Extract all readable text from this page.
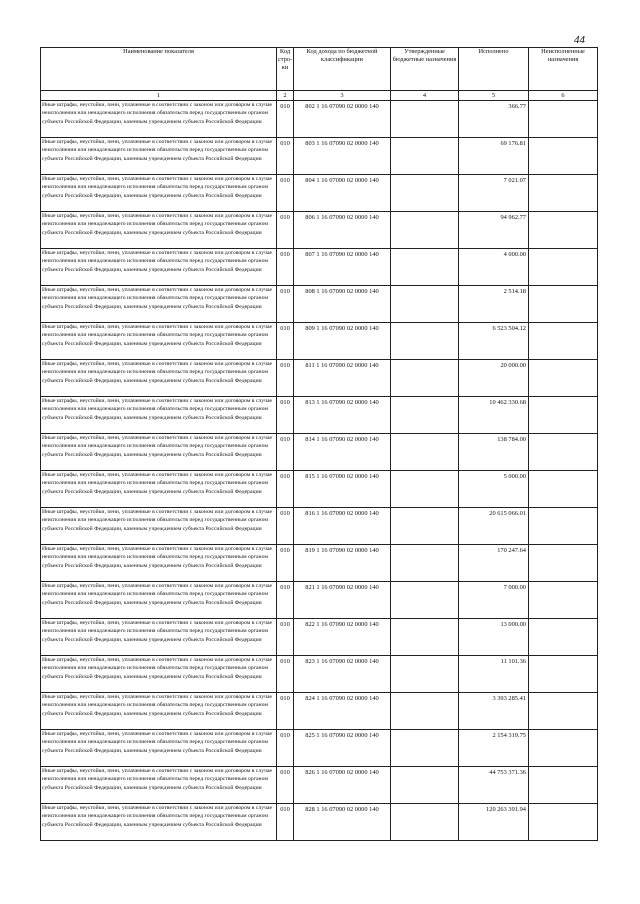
44
Наименование показателя	Код стро- ки	Код дохода по бюджетной классификации	Утвержденные бюджетные назначения	Исполнено	Неисполненные назначения
1	2	3	4	5	6
Иные штрафы, неустойки, пени, уплаченные в соответствии с законом или договором в случае неисполнения или ненадлежащего исполнения обязательств перед государственным органом субъекта Российской Федерации, казенным учреждением субъекта Российской Федерации	010	802 1 16 07090 02 0000 140		366.77	
Иные штрафы, неустойки, пени, уплаченные в соответствии с законом или договором в случае неисполнения или ненадлежащего исполнения обязательств перед государственным органом субъекта Российской Федерации, казенным учреждением субъекта Российской Федерации	010	803 1 16 07090 02 0000 140		69 176.81	
Иные штрафы, неустойки, пени, уплаченные в соответствии с законом или договором в случае неисполнения или ненадлежащего исполнения обязательств перед государственным органом субъекта Российской Федерации, казенным учреждением субъекта Российской Федерации	010	804 1 16 07090 02 0000 140		7 021.07	
Иные штрафы, неустойки, пени, уплаченные в соответствии с законом или договором в случае неисполнения или ненадлежащего исполнения обязательств перед государственным органом субъекта Российской Федерации, казенным учреждением субъекта Российской Федерации	010	806 1 16 07090 02 0000 140		94 962.77	
Иные штрафы, неустойки, пени, уплаченные в соответствии с законом или договором в случае неисполнения или ненадлежащего исполнения обязательств перед государственным органом субъекта Российской Федерации, казенным учреждением субъекта Российской Федерации	010	807 1 16 07090 02 0000 140		4 000.00	
Иные штрафы, неустойки, пени, уплаченные в соответствии с законом или договором в случае неисполнения или ненадлежащего исполнения обязательств перед государственным органом субъекта Российской Федерации, казенным учреждением субъекта Российской Федерации	010	808 1 16 07090 02 0000 140		2 514.18	
Иные штрафы, неустойки, пени, уплаченные в соответствии с законом или договором в случае неисполнения или ненадлежащего исполнения обязательств перед государственным органом субъекта Российской Федерации, казенным учреждением субъекта Российской Федерации	010	809 1 16 07090 02 0000 140		6 523 504.12	
Иные штрафы, неустойки, пени, уплаченные в соответствии с законом или договором в случае неисполнения или ненадлежащего исполнения обязательств перед государственным органом субъекта Российской Федерации, казенным учреждением субъекта Российской Федерации	010	811 1 16 07090 02 0000 140		20 000.00	
Иные штрафы, неустойки, пени, уплаченные в соответствии с законом или договором в случае неисполнения или ненадлежащего исполнения обязательств перед государственным органом субъекта Российской Федерации, казенным учреждением субъекта Российской Федерации	010	813 1 16 07090 02 0000 140		10 462 330.68	
Иные штрафы, неустойки, пени, уплаченные в соответствии с законом или договором в случае неисполнения или ненадлежащего исполнения обязательств перед государственным органом субъекта Российской Федерации, казенным учреждением субъекта Российской Федерации	010	814 1 16 07090 02 0000 140		138 784.00	
Иные штрафы, неустойки, пени, уплаченные в соответствии с законом или договором в случае неисполнения или ненадлежащего исполнения обязательств перед государственным органом субъекта Российской Федерации, казенным учреждением субъекта Российской Федерации	010	815 1 16 07090 02 0000 140		5 000.00	
Иные штрафы, неустойки, пени, уплаченные в соответствии с законом или договором в случае неисполнения или ненадлежащего исполнения обязательств перед государственным органом субъекта Российской Федерации, казенным учреждением субъекта Российской Федерации	010	816 1 16 07090 02 0000 140		20 615 066.01	
Иные штрафы, неустойки, пени, уплаченные в соответствии с законом или договором в случае неисполнения или ненадлежащего исполнения обязательств перед государственным органом субъекта Российской Федерации, казенным учреждением субъекта Российской Федерации	010	819 1 16 07090 02 0000 140		170 247.64	
Иные штрафы, неустойки, пени, уплаченные в соответствии с законом или договором в случае неисполнения или ненадлежащего исполнения обязательств перед государственным органом субъекта Российской Федерации, казенным учреждением субъекта Российской Федерации	010	821 1 16 07090 02 0000 140		7 000.00	
Иные штрафы, неустойки, пени, уплаченные в соответствии с законом или договором в случае неисполнения или ненадлежащего исполнения обязательств перед государственным органом субъекта Российской Федерации, казенным учреждением субъекта Российской Федерации	010	822 1 16 07090 02 0000 140		13 000.00	
Иные штрафы, неустойки, пени, уплаченные в соответствии с законом или договором в случае неисполнения или ненадлежащего исполнения обязательств перед государственным органом субъекта Российской Федерации, казенным учреждением субъекта Российской Федерации	010	823 1 16 07090 02 0000 140		11 101.36	
Иные штрафы, неустойки, пени, уплаченные в соответствии с законом или договором в случае неисполнения или ненадлежащего исполнения обязательств перед государственным органом субъекта Российской Федерации, казенным учреждением субъекта Российской Федерации	010	824 1 16 07090 02 0000 140		3 393 285.41	
Иные штрафы, неустойки, пени, уплаченные в соответствии с законом или договором в случае неисполнения или ненадлежащего исполнения обязательств перед государственным органом субъекта Российской Федерации, казенным учреждением субъекта Российской Федерации	010	825 1 16 07090 02 0000 140		2 154 319.75	
Иные штрафы, неустойки, пени, уплаченные в соответствии с законом или договором в случае неисполнения или ненадлежащего исполнения обязательств перед государственным органом субъекта Российской Федерации, казенным учреждением субъекта Российской Федерации	010	826 1 16 07090 02 0000 140		44 753 371.36	
Иные штрафы, неустойки, пени, уплаченные в соответствии с законом или договором в случае неисполнения или ненадлежащего исполнения обязательств перед государственным органом субъекта Российской Федерации, казенным учреждением субъекта Российской Федерации	010	828 1 16 07090 02 0000 140		120 263 391.94	
